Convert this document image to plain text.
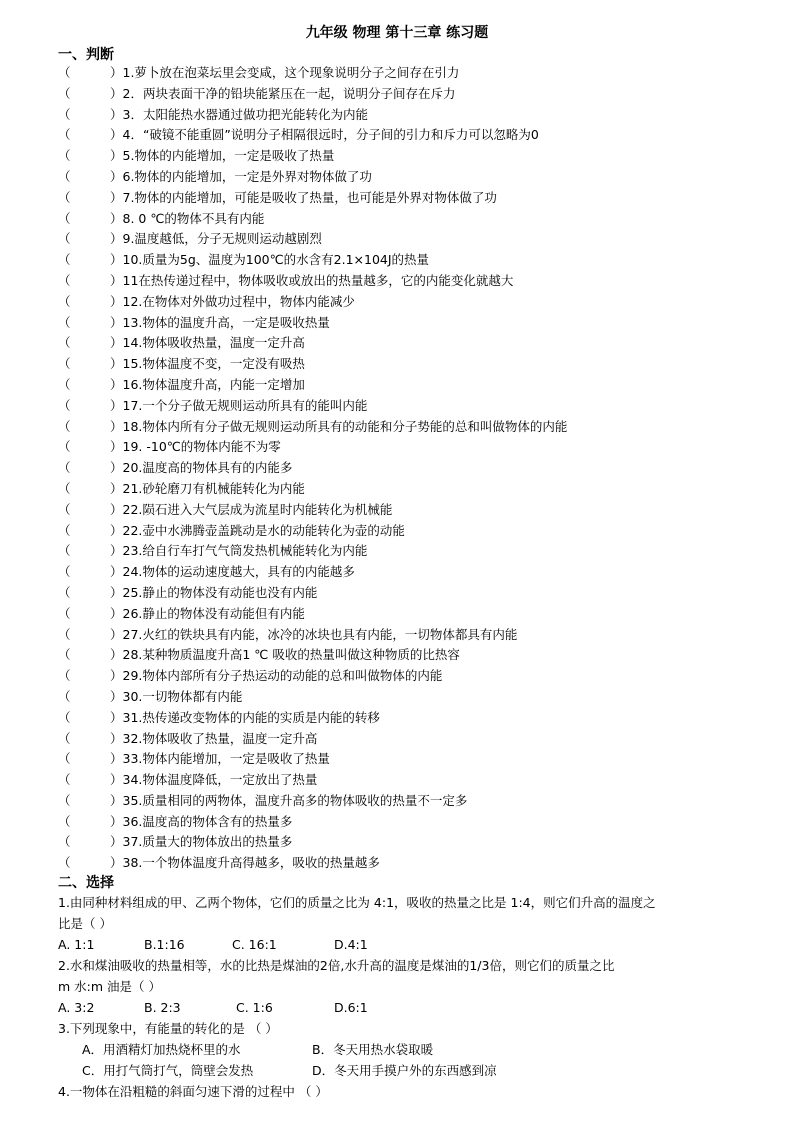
九年级 物理 第十三章 练习题
一、判断
（	）1.萝卜放在泡菜坛里会变咸，这个现象说明分子之间存在引力
（	）2．两块表面干净的铅块能紧压在一起，说明分子间存在斥力
（	）3．太阳能热水器通过做功把光能转化为内能
（	）4．“破镜不能重圆”说明分子相隔很远时，分子间的引力和斥力可以忽略为0
（	）5.物体的内能增加，一定是吸收了热量
（	）6.物体的内能增加，一定是外界对物体做了功
（	）7.物体的内能增加，可能是吸收了热量，也可能是外界对物体做了功
（	）8. 0 ℃的物体不具有内能
（	）9.温度越低，分子无规则运动越剧烈
（	）10.质量为5g、温度为100℃的水含有2.1×104J的热量
（	）11在热传递过程中，物体吸收或放出的热量越多，它的内能变化就越大
（	）12.在物体对外做功过程中，物体内能减少
（	）13.物体的温度升高，一定是吸收热量
（	）14.物体吸收热量，温度一定升高
（	）15.物体温度不变，一定没有吸热
（	）16.物体温度升高，内能一定增加
（	）17.一个分子做无规则运动所具有的能叫内能
（	）18.物体内所有分子做无规则运动所具有的动能和分子势能的总和叫做物体的内能
（	）19. -10℃的物体内能不为零
（	）20.温度高的物体具有的内能多
（	）21.砂轮磨刀有机械能转化为内能
（	）22.陨石进入大气层成为流星时内能转化为机械能
（	）22.壶中水沸腾壶盖跳动是水的动能转化为壶的动能
（	）23.给自行车打气气筒发热机械能转化为内能
（	）24.物体的运动速度越大，具有的内能越多
（	）25.静止的物体没有动能也没有内能
（	）26.静止的物体没有动能但有内能
（	）27.火红的铁块具有内能，冰冷的冰块也具有内能，一切物体都具有内能
（	）28.某种物质温度升高1 ℃ 吸收的热量叫做这种物质的比热容
（	）29.物体内部所有分子热运动的动能的总和叫做物体的内能
（	）30.一切物体都有内能
（	）31.热传递改变物体的内能的实质是内能的转移
（	）32.物体吸收了热量，温度一定升高
（	）33.物体内能增加，一定是吸收了热量
（	）34.物体温度降低，一定放出了热量
（	）35.质量相同的两物体，温度升高多的物体吸收的热量不一定多
（	）36.温度高的物体含有的热量多
（	）37.质量大的物体放出的热量多
（	）38.一个物体温度升高得越多，吸收的热量越多
二、选择
1.由同种材料组成的甲、乙两个物体，它们的质量之比为 4:1，吸收的热量之比是 1:4，则它们升高的温度之
比是（ ）
A. 1:1	B.1:16	C. 16:1	D.4:1
2.水和煤油吸收的热量相等，水的比热是煤油的2倍,水升高的温度是煤油的1/3倍，则它们的质量之比
m 水:m 油是（ ）
A. 3:2	B. 2:3	C. 1:6	D.6:1
3.下列现象中，有能量的转化的是 （ ）
A．用酒精灯加热烧杯里的水	B．冬天用热水袋取暖
C．用打气筒打气，筒壁会发热	D．冬天用手摸户外的东西感到凉
4.一物体在沿粗糙的斜面匀速下滑的过程中 （ ）
